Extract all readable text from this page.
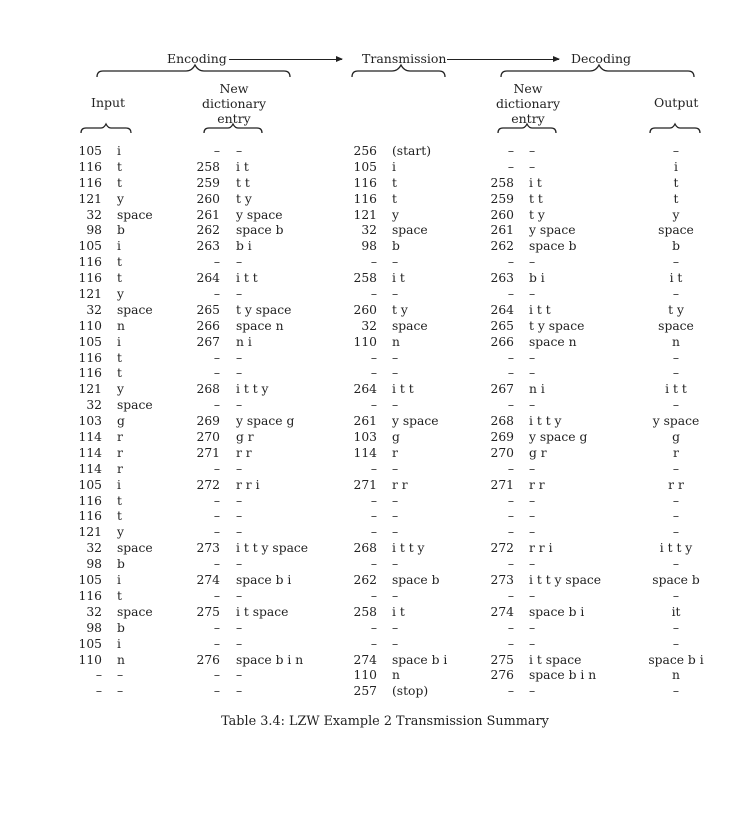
Encoding	Transmission	Decoding
Input
New
dictionary
entry
New
dictionary
entry
Output
105 i	– –	256 (start)	– –	–
116 t	258 i t	105 i	– –	i
116 t	259 t t	116 t	258 i t	t
121 y	260 t y	116 t	259 t t	t
32 space	261 y space	121 y	260 t y	y
98 b	262 space b	32 space	261 y space	space
105 i	263 b i	98 b	262 space b	b
116 t	– –	– –	– –	–
116 t	264 i t t	258 i t	263 b i	i t
121 y	– –	– –	– –	–
32 space	265 t y space	260 t y	264 i t t	t y
110 n	266 space n	32 space	265 t y space	space
105 i	267 n i	110 n	266 space n	n
116 t	– –	– –	– –	–
116 t	– –	– –	– –	–
121 y	268 i t t y	264 i t t	267 n i	i t t
32 space	– –	– –	– –	–
103 g	269 y space g	261 y space	268 i t t y	y space
114 r	270 g r	103 g	269 y space g	g
114 r	271 r r	114 r	270 g r	r
114 r	– –	– –	– –	–
105 i	272 r r i	271 r r	271 r r	r r
116 t	– –	– –	– –	–
116 t	– –	– –	– –	–
121 y	– –	– –	– –	–
32 space	273 i t t y space	268 i t t y	272 r r i	i t t y
98 b	– –	– –	– –	–
105 i	274 space b i	262 space b	273 i t t y space	space b
116 t	– –	– –	– –	–
32 space	275 i t space	258 i t	274 space b i	it
98 b	– –	– –	– –	–
105 i	– –	– –	– –	–
110 n	276 space b i n	274 space b i	275 i t space	space b i
– –	– –	110 n	276 space b i n	n
– –	– –	257 (stop)	– –	–
Table 3.4: LZW Example 2 Transmission Summary
